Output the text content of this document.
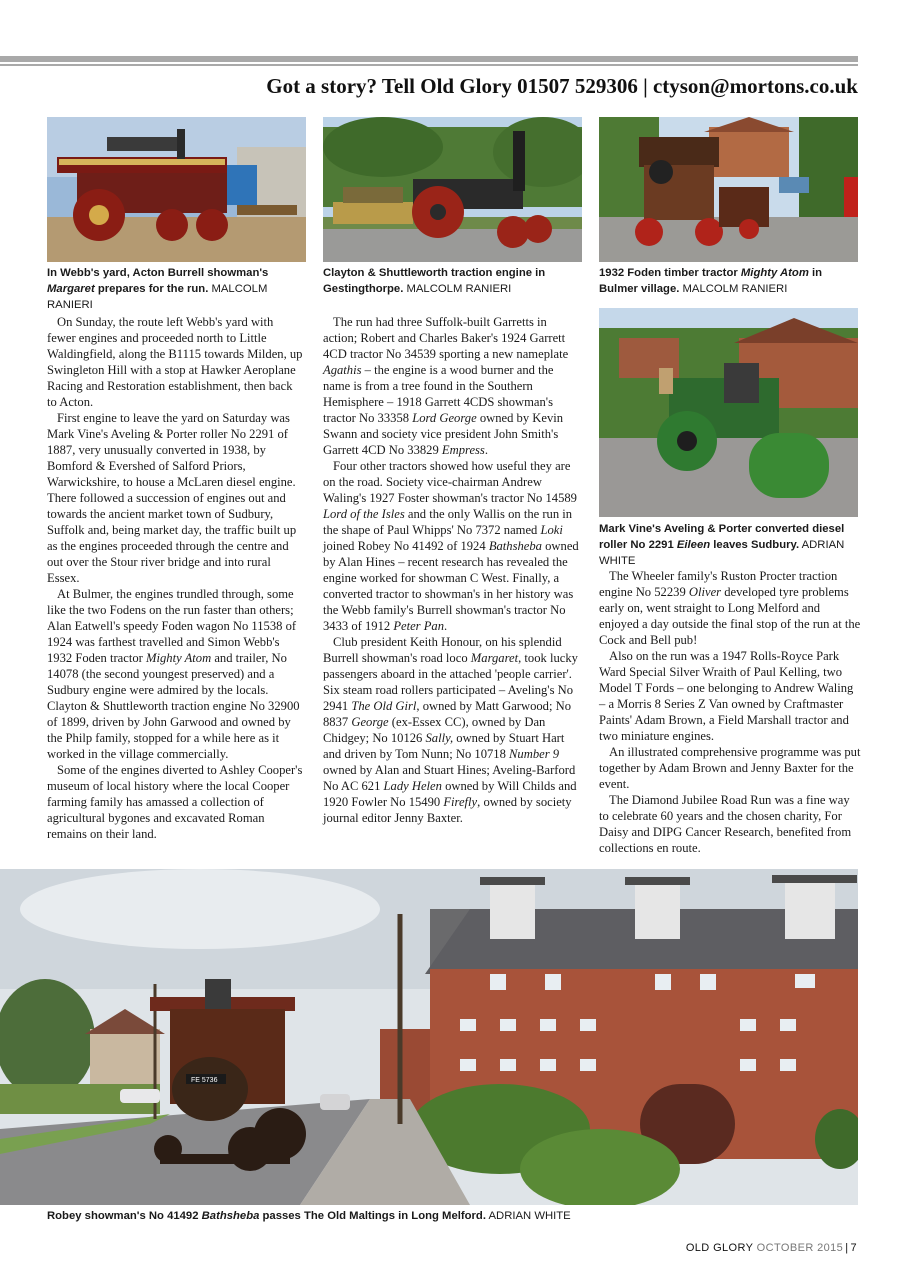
Got a story? Tell Old Glory 01507 529306 | ctyson@mortons.co.uk
In Webb's yard, Acton Burrell showman's Margaret prepares for the run. MALCOLM RANIERI
Clayton & Shuttleworth traction engine in Gestingthorpe. MALCOLM RANIERI
1932 Foden timber tractor Mighty Atom in Bulmer village. MALCOLM RANIERI
Mark Vine's Aveling & Porter converted diesel roller No 2291 Eileen leaves Sudbury. ADRIAN WHITE

On Sunday, the route left Webb's yard with fewer engines and proceeded north to Little Waldingfield, along the B1115 towards Milden, up Swingleton Hill with a stop at Hawker Aeroplane Racing and Restoration establishment, then back to Acton.

First engine to leave the yard on Saturday was Mark Vine's Aveling & Porter roller No 2291 of 1887, very unusually converted in 1938, by Bomford & Evershed of Salford Priors, Warwickshire, to house a McLaren diesel engine. There followed a succession of engines out and towards the ancient market town of Sudbury, Suffolk and, being market day, the traffic built up as the engines proceeded through the centre and out over the Stour river bridge and into rural Essex.

At Bulmer, the engines trundled through, some like the two Fodens on the run faster than others; Alan Eatwell's speedy Foden wagon No 11538 of 1924 was farthest travelled and Simon Webb's 1932 Foden tractor Mighty Atom and trailer, No 14078 (the second youngest preserved) and a Sudbury engine were admired by the locals. Clayton & Shuttleworth traction engine No 32900 of 1899, driven by John Garwood and owned by the Philp family, stopped for a while here as it worked in the village commercially.

Some of the engines diverted to Ashley Cooper's museum of local history where the local Cooper farming family has amassed a collection of agricultural bygones and excavated Roman remains on their land.

The run had three Suffolk-built Garretts in action; Robert and Charles Baker's 1924 Garrett 4CD tractor No 34539 sporting a new nameplate Agathis – the engine is a wood burner and the name is from a tree found in the Southern Hemisphere – 1918 Garrett 4CDS showman's tractor No 33358 Lord George owned by Kevin Swann and society vice president John Smith's Garrett 4CD No 33829 Empress.

Four other tractors showed how useful they are on the road. Society vice-chairman Andrew Waling's 1927 Foster showman's tractor No 14589 Lord of the Isles and the only Wallis on the run in the shape of Paul Whipps' No 7372 named Loki joined Robey No 41492 of 1924 Bathsheba owned by Alan Hines – recent research has revealed the engine worked for showman C West. Finally, a converted tractor to showman's in her history was the Webb family's Burrell showman's tractor No 3433 of 1912 Peter Pan.

Club president Keith Honour, on his splendid Burrell showman's road loco Margaret, took lucky passengers aboard in the attached 'people carrier'. Six steam road rollers participated – Aveling's No 2941 The Old Girl, owned by Matt Garwood; No 8837 George (ex-Essex CC), owned by Dan Chidgey; No 10126 Sally, owned by Stuart Hart and driven by Tom Nunn; No 10718 Number 9 owned by Alan and Stuart Hines; Aveling-Barford No AC 621 Lady Helen owned by Will Childs and 1920 Fowler No 15490 Firefly, owned by society journal editor Jenny Baxter.

The Wheeler family's Ruston Procter traction engine No 52239 Oliver developed tyre problems early on, went straight to Long Melford and enjoyed a day outside the final stop of the run at the Cock and Bell pub!

Also on the run was a 1947 Rolls-Royce Park Ward Special Silver Wraith of Paul Kelling, two Model T Fords – one belonging to Andrew Waling – a Morris 8 Series Z Van owned by Craftmaster Paints' Adam Brown, a Field Marshall tractor and two miniature engines.

An illustrated comprehensive programme was put together by Adam Brown and Jenny Baxter for the event.

The Diamond Jubilee Road Run was a fine way to celebrate 60 years and the chosen charity, For Daisy and DIPG Cancer Research, benefited from collections en route.

FE 5736
Robey showman's No 41492 Bathsheba passes The Old Maltings in Long Melford. ADRIAN WHITE
OLD GLORY OCTOBER 2015 | 7
